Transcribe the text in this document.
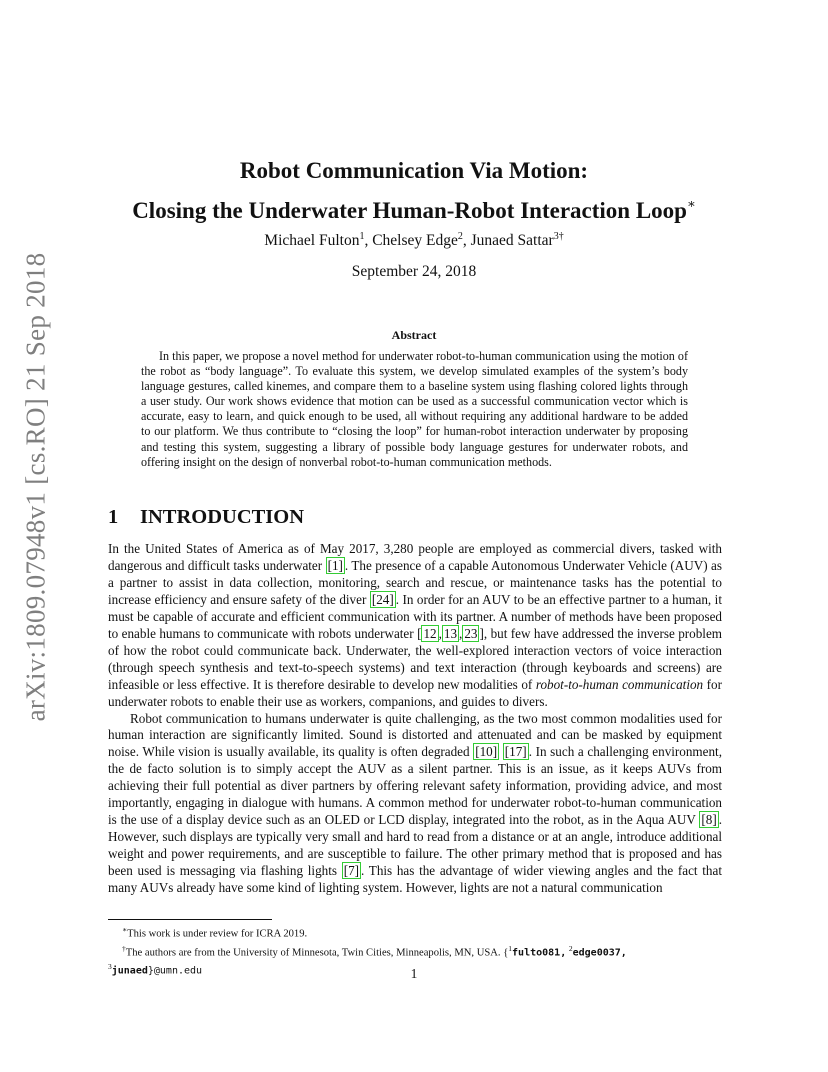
arXiv:1809.07948v1 [cs.RO] 21 Sep 2018
Robot Communication Via Motion:
Closing the Underwater Human-Robot Interaction Loop∗
Michael Fulton$^1$, Chelsey Edge$^2$, Junaed Sattar$^{3\dagger}$
September 24, 2018
Abstract

In this paper, we propose a novel method for underwater robot-to-human communication using the motion of the robot as “body language”. To evaluate this system, we develop simulated examples of the system’s body language gestures, called kinemes, and compare them to a baseline system using flashing colored lights through a user study. Our work shows evidence that motion can be used as a successful communication vector which is accurate, easy to learn, and quick enough to be used, all without requiring any additional hardware to be added to our platform. We thus contribute to “closing the loop” for human-robot interaction underwater by proposing and testing this system, suggesting a library of possible body language gestures for underwater robots, and offering insight on the design of nonverbal robot-to-human communication methods.

1 INTRODUCTION

In the United States of America as of May 2017, 3,280 people are employed as commercial divers, tasked with dangerous and difficult tasks underwater [1] . The presence of a capable Autonomous Underwater Vehicle (AUV) as a partner to assist in data collection, monitoring, search and rescue, or maintenance tasks has the potential to increase efficiency and ensure safety of the diver [24] . In order for an AUV to be an effective partner to a human, it must be capable of accurate and efficient communication with its partner. A number of methods have been proposed to enable humans to communicate with robots underwater [ 12 , 13 , 23 ], but few have addressed the inverse problem of how the robot could communicate back. Underwater, the well-explored interaction vectors of voice interaction (through speech synthesis and text-to-speech systems) and text interaction (through keyboards and screens) are infeasible or less effective. It is therefore desirable to develop new modalities of robot-to-human communication for underwater robots to enable their use as workers, companions, and guides to divers.

Robot communication to humans underwater is quite challenging, as the two most common modalities used for human interaction are significantly limited. Sound is distorted and attenuated and can be masked by equipment noise. While vision is usually available, its quality is often degraded [10] [17] . In such a challenging environment, the de facto solution is to simply accept the AUV as a silent partner. This is an issue, as it keeps AUVs from achieving their full potential as diver partners by offering relevant safety information, providing advice, and most importantly, engaging in dialogue with humans. A common method for underwater robot-to-human communication is the use of a display device such as an OLED or LCD display, integrated into the robot, as in the Aqua AUV [8] . However, such displays are typically very small and hard to read from a distance or at an angle, introduce additional weight and power requirements, and are susceptible to failure. The other primary method that is proposed and has been used is messaging via flashing lights [7] . This has the advantage of wider viewing angles and the fact that many AUVs already have some kind of lighting system. However, lights are not a natural communication

∗This work is under review for ICRA 2019.

†The authors are from the University of Minnesota, Twin Cities, Minneapolis, MN, USA. {$^1$fulto081, $^2$edge0037, $^3$junaed}@umn.edu	1
